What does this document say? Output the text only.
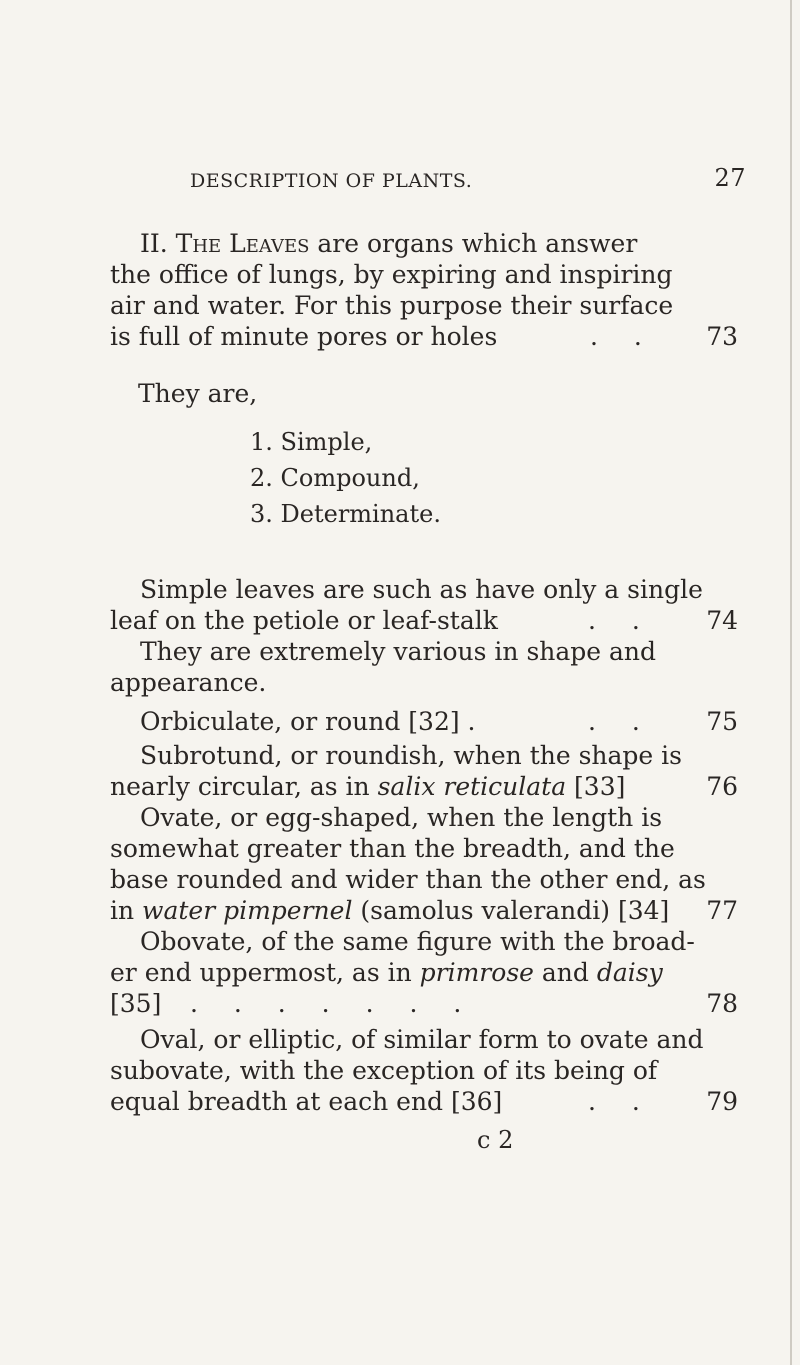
DESCRIPTION OF PLANTS.	27
II. The Leaves are organs which answer
the office of lungs, by expiring and inspiring
air and water. For this purpose their surface
is full of minute pores or holes	. . 73
They are,
1. Simple,
2. Compound,
3. Determinate.
Simple leaves are such as have only a single
leaf on the petiole or leaf-stalk	. . 74
They are extremely various in shape and
appearance.
Orbiculate, or round [32] .	. . 75
Subrotund, or roundish, when the shape is
nearly circular, as in salix reticulata [33]	76
Ovate, or egg-shaped, when the length is
somewhat greater than the breadth, and the
base rounded and wider than the other end, as
in water pimpernel (samolus valerandi) [34] 77
Obovate, of the same figure with the broad-
er end uppermost, as in primrose and daisy
[35] . . . . . . .	78
Oval, or elliptic, of similar form to ovate and
subovate, with the exception of its being of
equal breadth at each end [36]	. . 79
c 2
